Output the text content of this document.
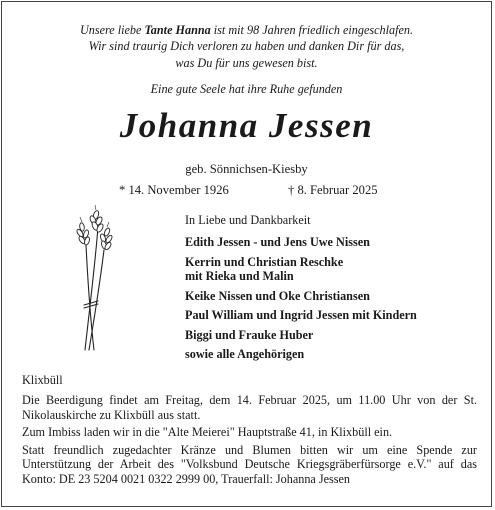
Unsere liebe Tante Hanna ist mit 98 Jahren friedlich eingeschlafen.
Wir sind traurig Dich verloren zu haben und danken Dir für das,
was Du für uns gewesen bist.
Eine gute Seele hat ihre Ruhe gefunden
Johanna Jessen
geb. Sönnichsen-Kiesby
* 14. November 1926	† 8. Februar 2025
In Liebe und Dankbarkeit
Edith Jessen - und Jens Uwe Nissen
Kerrin und Christian Reschke
mit Rieka und Malin
Keike Nissen und Oke Christiansen
Paul William und Ingrid Jessen mit Kindern
Biggi und Frauke Huber
sowie alle Angehörigen
Klixbüll

Die Beerdigung findet am Freitag, dem 14. Februar 2025, um 11.00 Uhr von der St. Nikolauskirche zu Klixbüll aus statt.

Zum Imbiss laden wir in die "Alte Meierei" Hauptstraße 41, in Klixbüll ein.

Statt freundlich zugedachter Kränze und Blumen bitten wir um eine Spende zur Unterstützung der Arbeit des "Volksbund Deutsche Kriegsgräberfürsorge e.V." auf das Konto: DE 23 5204 0021 0322 2999 00, Trauerfall: Johanna Jessen
